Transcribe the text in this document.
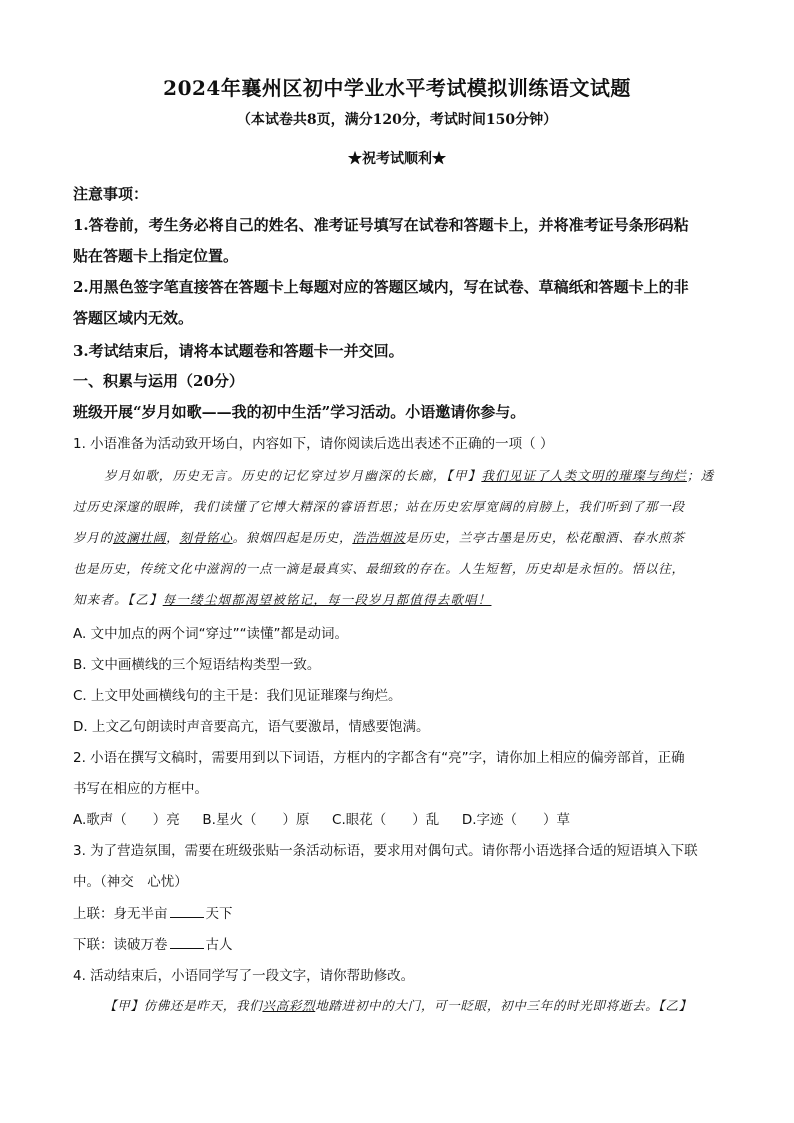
2024年襄州区初中学业水平考试模拟训练语文试题
（本试卷共8页，满分120分，考试时间150分钟）
★祝考试顺利★
注意事项：
1.答卷前，考生务必将自己的姓名、准考证号填写在试卷和答题卡上，并将准考证号条形码粘
贴在答题卡上指定位置。
2.用黑色签字笔直接答在答题卡上每题对应的答题区域内，写在试卷、草稿纸和答题卡上的非
答题区域内无效。
3.考试结束后，请将本试题卷和答题卡一并交回。
一、积累与运用（20分）
班级开展“岁月如歌——我的初中生活”学习活动。小语邀请你参与。
1. 小语准备为活动致开场白，内容如下，请你阅读后选出表述不正确的一项（ ）
岁月如歌，历史无言。历史的记忆穿过岁月幽深的长廊，【甲】我们见证了人类文明的璀璨与绚烂；透
过历史深邃的眼眸，我们读懂了它博大精深的睿语哲思；站在历史宏厚宽阔的肩膀上，我们听到了那一段
岁月的波澜壮阔，刻骨铭心。狼烟四起是历史，浩浩烟波是历史，兰亭古墨是历史，松花酿酒、春水煎茶
也是历史，传统文化中滋润的一点一滴是最真实、最细致的存在。人生短暂，历史却是永恒的。悟以往，
知来者。【乙】每一缕尘烟都渴望被铭记，每一段岁月都值得去歌唱！
A. 文中加点的两个词“穿过”“读懂”都是动词。
B. 文中画横线的三个短语结构类型一致。
C. 上文甲处画横线句的主干是：我们见证璀璨与绚烂。
D. 上文乙句朗读时声音要高亢，语气要激昂，情感要饱满。
2. 小语在撰写文稿时，需要用到以下词语，方框内的字都含有“亮”字，请你加上相应的偏旁部首，正确
书写在相应的方框中。
A.歌声（ ）亮 B.星火（ ）原 C.眼花（ ）乱 D.字迹（ ）草
3. 为了营造氛围，需要在班级张贴一条活动标语，要求用对偶句式。请你帮小语选择合适的短语填入下联
中。（神交　心忧）
上联：身无半亩	天下
下联：读破万卷	古人
4. 活动结束后，小语同学写了一段文字，请你帮助修改。
【甲】仿佛还是昨天，我们兴高彩烈地踏进初中的大门，可一眨眼，初中三年的时光即将逝去。【乙】
